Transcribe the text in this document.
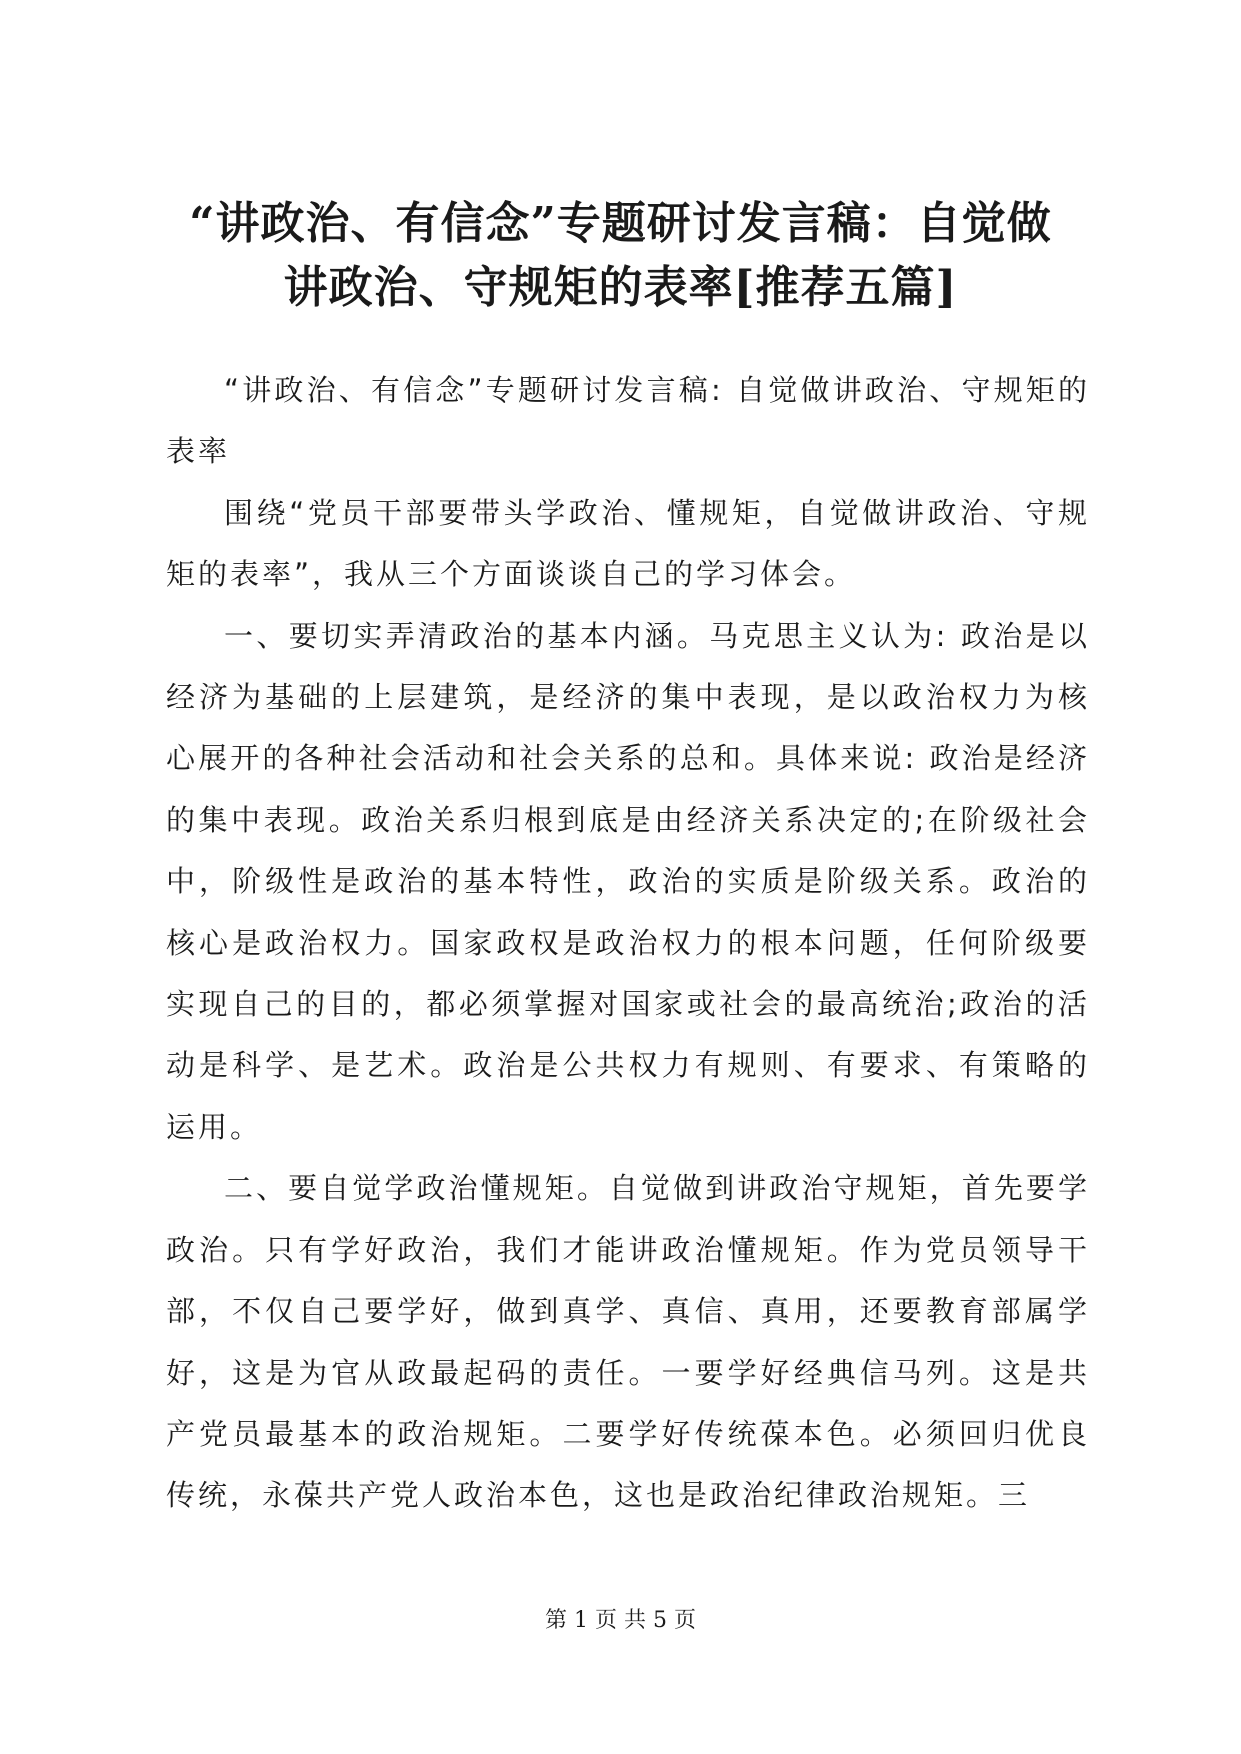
“讲政治、有信念”专题研讨发言稿：自觉做
讲政治、守规矩的表率[推荐五篇]

“讲政治、有信念”专题研讨发言稿: 自觉做讲政治、守规矩的表率

围绕“党员干部要带头学政治、懂规矩，自觉做讲政治、守规矩的表率”，我从三个方面谈谈自己的学习体会。

一、要切实弄清政治的基本内涵。马克思主义认为: 政治是以经济为基础的上层建筑，是经济的集中表现，是以政治权力为核心展开的各种社会活动和社会关系的总和。具体来说: 政治是经济的集中表现。政治关系归根到底是由经济关系决定的;在阶级社会中，阶级性是政治的基本特性，政治的实质是阶级关系。政治的核心是政治权力。国家政权是政治权力的根本问题，任何阶级要实现自己的目的，都必须掌握对国家或社会的最高统治;政治的活动是科学、是艺术。政治是公共权力有规则、有要求、有策略的运用。

二、要自觉学政治懂规矩。自觉做到讲政治守规矩，首先要学政治。只有学好政治，我们才能讲政治懂规矩。作为党员领导干部，不仅自己要学好，做到真学、真信、真用，还要教育部属学好，这是为官从政最起码的责任。一要学好经典信马列。这是共产党员最基本的政治规矩。二要学好传统葆本色。必须回归优良传统，永葆共产党人政治本色，这也是政治纪律政治规矩。三

第 1 页 共 5 页
